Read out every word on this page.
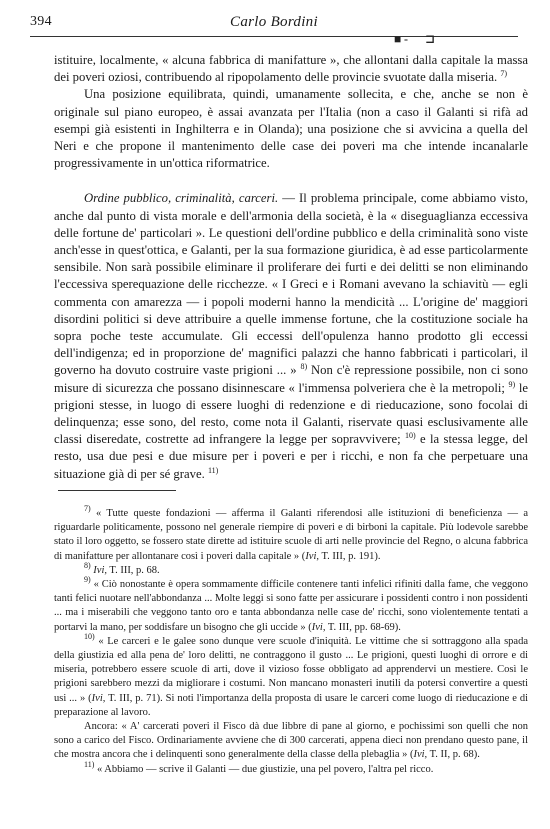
394	Carlo Bordini
■ - ⊐

istituire, localmente, « alcuna fabbrica di manifatture », che allontani dalla capitale la massa dei poveri oziosi, contribuendo al ripopolamento delle provincie svuotate dalla miseria. $^{7)}$

Una posizione equilibrata, quindi, umanamente sollecita, e che, anche se non è originale sul piano europeo, è assai avanzata per l'Italia (non a caso il Galanti si rifà ad esempi già esistenti in Inghilterra e in Olanda); una posizione che si avvicina a quella del Neri e che propone il mantenimento delle case dei poveri ma che intende incanalarle progressivamente in un'ottica riformatrice.

Ordine pubblico, criminalità, carceri. — Il problema principale, come abbiamo visto, anche dal punto di vista morale e dell'armonia della società, è la « diseguaglianza eccessiva delle fortune de' particolari ». Le questioni dell'ordine pubblico e della criminalità sono viste anch'esse in quest'ottica, e Galanti, per la sua formazione giuridica, è ad esse particolarmente sensibile. Non sarà possibile eliminare il proliferare dei furti e dei delitti se non eliminando l'eccessiva sperequazione delle ricchezze. « I Greci e i Romani avevano la schiavitù — egli commenta con amarezza — i popoli moderni hanno la mendicità ... L'origine de' maggiori disordini politici si deve attribuire a quelle immense fortune, che la costituzione sociale ha sopra poche teste accumulate. Gli eccessi dell'opulenza hanno prodotto gli eccessi dell'indigenza; ed in proporzione de' magnifici palazzi che hanno fabbricati i particolari, il governo ha dovuto costruire vaste prigioni ... » $^{8)}$ Non c'è repressione possibile, non ci sono misure di sicurezza che possano disinnescare « l'immensa polveriera che è la metropoli; $^{9)}$ le prigioni stesse, in luogo di essere luoghi di redenzione e di rieducazione, sono focolai di delinquenza; esse sono, del resto, come nota il Galanti, riservate quasi esclusivamente alle classi diseredate, costrette ad infrangere la legge per sopravvivere; $^{10)}$ e la stessa legge, del resto, usa due pesi e due misure per i poveri e per i ricchi, e non fa che perpetuare una situazione già di per sé grave. $^{11)}$

$^{7)}$ « Tutte queste fondazioni — afferma il Galanti riferendosi alle istituzioni di beneficienza — a riguardarle politicamente, possono nel generale riempire di poveri e di birboni la capitale. Più lodevole sarebbe stato il loro oggetto, se fossero state dirette ad istituire scuole di arti nelle provincie del Regno, o alcuna fabbrica di manifatture per allontanare così i poveri dalla capitale » (Ivi, T. III, p. 191).

$^{8)}$ Ivi, T. III, p. 68.

$^{9)}$ « Ciò nonostante è opera sommamente difficile contenere tanti infelici rifiniti dalla fame, che veggono tanti felici nuotare nell'abbondanza ... Molte leggi si sono fatte per assicurare i possidenti contro i non possidenti ... ma i miserabili che veggono tanto oro e tanta abbondanza nelle case de' ricchi, sono violentemente tentati a portarvi la mano, per soddisfare un bisogno che gli uccide » (Ivi, T. III, pp. 68-69).

$^{10)}$ « Le carceri e le galee sono dunque vere scuole d'iniquità. Le vittime che si sottraggono alla spada della giustizia ed alla pena de' loro delitti, ne contraggono il gusto ... Le prigioni, questi luoghi di orrore e di miseria, potrebbero essere scuole di arti, dove il vizioso fosse obbligato ad apprendervi un mestiere. Così le prigioni sarebbero mezzi da migliorare i costumi. Non mancano monasteri inutili da potersi convertire a questi usi ... » (Ivi, T. III, p. 71). Si noti l'importanza della proposta di usare le carceri come luogo di rieducazione e di preparazione al lavoro.

Ancora: « A' carcerati poveri il Fisco dà due libbre di pane al giorno, e pochissimi son quelli che non sono a carico del Fisco. Ordinariamente avviene che di 300 carcerati, appena dieci non prendano questo pane, il che mostra ancora che i delinquenti sono generalmente della classe della plebaglia » (Ivi, T. II, p. 68).

$^{11)}$ « Abbiamo — scrive il Galanti — due giustizie, una pel povero, l'altra pel ricco.
